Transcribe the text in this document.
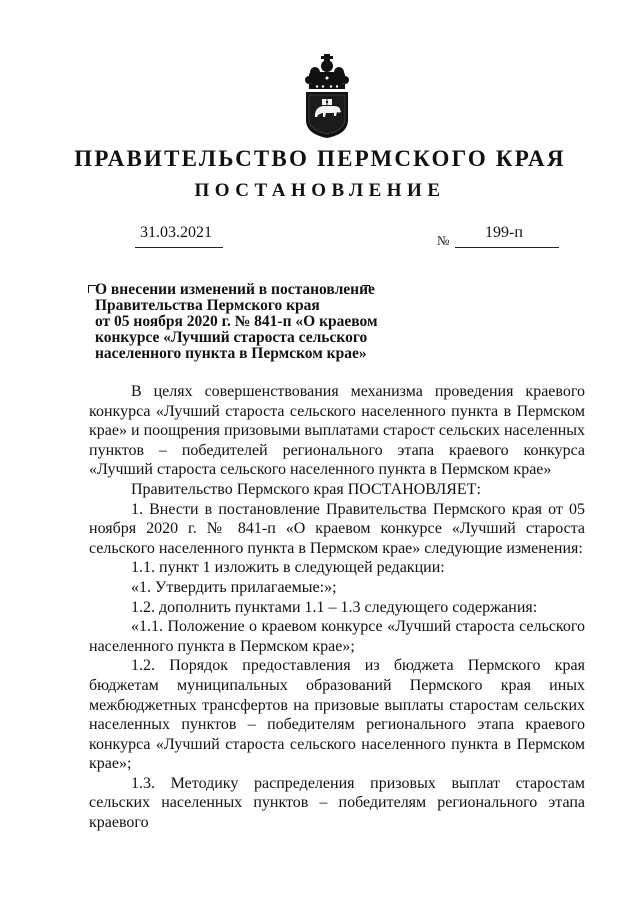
ПРАВИТЕЛЬСТВО ПЕРМСКОГО КРАЯ
ПОСТАНОВЛЕНИЕ
31.03.2021	№ 199-п
О внесении изменений в постановление
Правительства Пермского края
от 05 ноября 2020 г. № 841-п «О краевом
конкурсе «Лучший староста сельского
населенного пункта в Пермском крае»

В целях совершенствования механизма проведения краевого конкурса «Лучший староста сельского населенного пункта в Пермском крае» и поощрения призовыми выплатами старост сельских населенных пунктов – победителей регионального этапа краевого конкурса «Лучший староста сельского населенного пункта в Пермском крае»

Правительство Пермского края ПОСТАНОВЛЯЕТ:

1. Внести в постановление Правительства Пермского края от 05 ноября 2020 г. № 841-п «О краевом конкурсе «Лучший староста сельского населенного пункта в Пермском крае» следующие изменения:

1.1. пункт 1 изложить в следующей редакции:

«1. Утвердить прилагаемые:»;

1.2. дополнить пунктами 1.1 – 1.3 следующего содержания:

«1.1. Положение о краевом конкурсе «Лучший староста сельского населенного пункта в Пермском крае»;

1.2. Порядок предоставления из бюджета Пермского края бюджетам муниципальных образований Пермского края иных межбюджетных трансфертов на призовые выплаты старостам сельских населенных пунктов – победителям регионального этапа краевого конкурса «Лучший староста сельского населенного пункта в Пермском крае»;

1.3. Методику распределения призовых выплат старостам сельских населенных пунктов – победителям регионального этапа краевого
